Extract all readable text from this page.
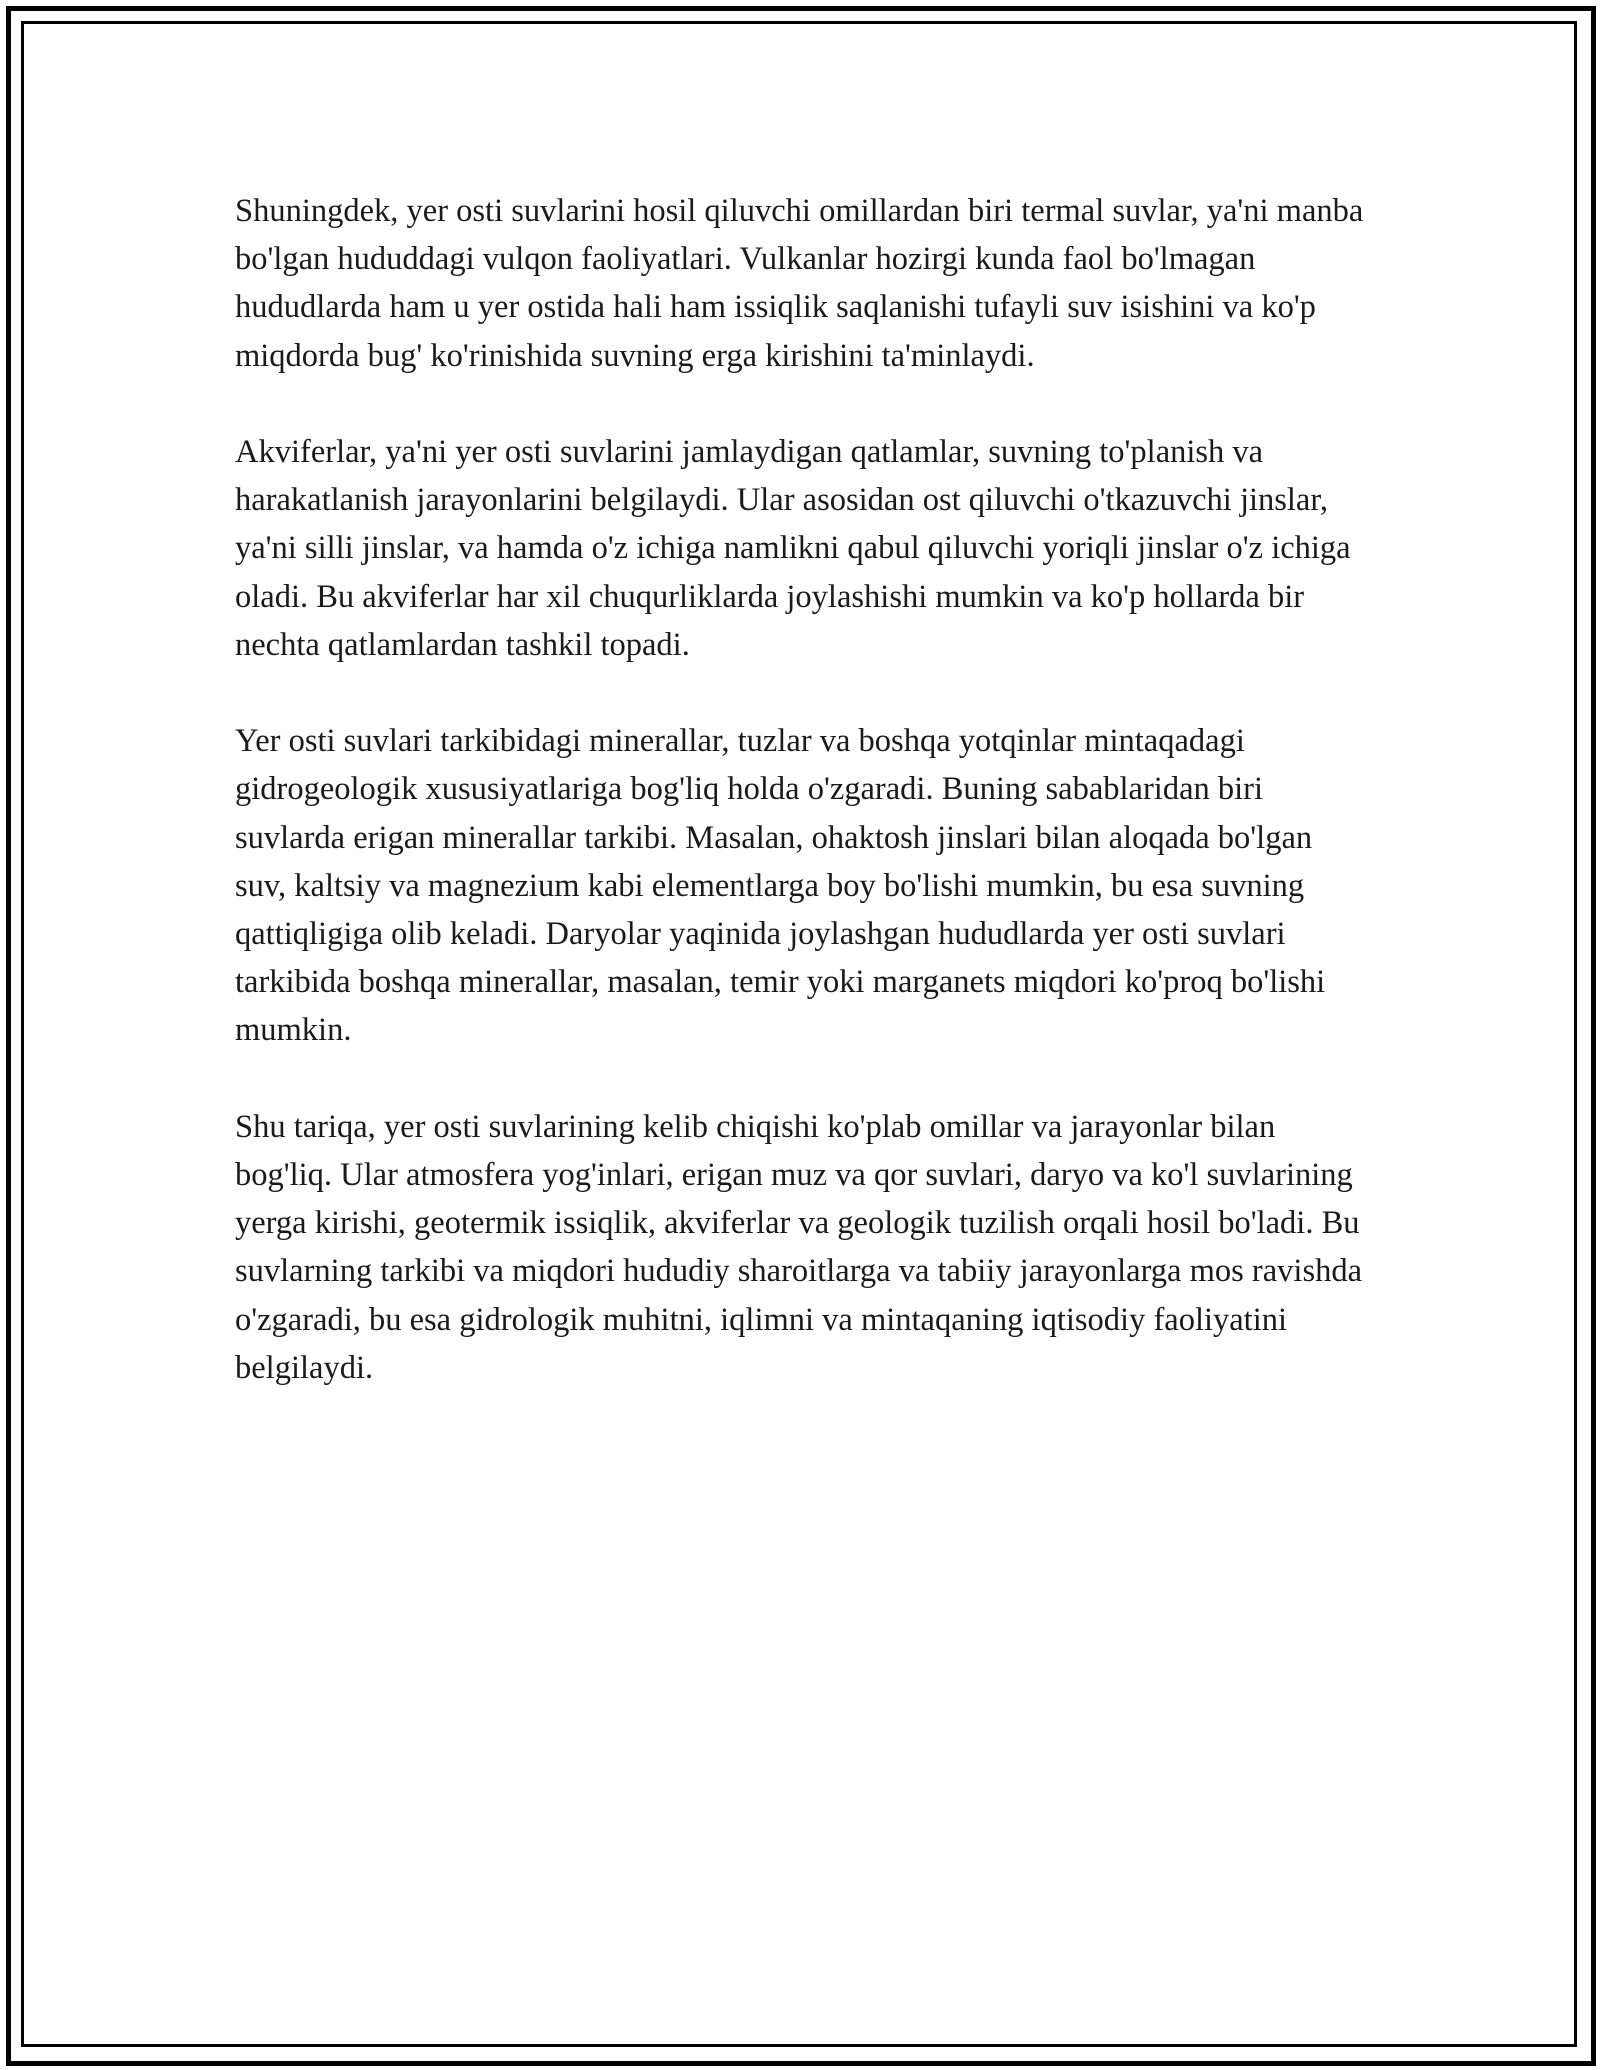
Shuningdek, yer osti suvlarini hosil qiluvchi omillardan biri termal suvlar, ya'ni manba bo'lgan hududdagi vulqon faoliyatlari. Vulkanlar hozirgi kunda faol bo'lmagan hududlarda ham u yer ostida hali ham issiqlik saqlanishi tufayli suv isishini va ko'p miqdorda bug' ko'rinishida suvning erga kirishini ta'minlaydi.

Akviferlar, ya'ni yer osti suvlarini jamlaydigan qatlamlar, suvning to'planish va harakatlanish jarayonlarini belgilaydi. Ular asosidan ost qiluvchi o'tkazuvchi jinslar, ya'ni silli jinslar, va hamda o'z ichiga namlikni qabul qiluvchi yoriqli jinslar o'z ichiga oladi. Bu akviferlar har xil chuqurliklarda joylashishi mumkin va ko'p hollarda bir nechta qatlamlardan tashkil topadi.

Yer osti suvlari tarkibidagi minerallar, tuzlar va boshqa yotqinlar mintaqadagi gidrogeologik xususiyatlariga bog'liq holda o'zgaradi. Buning sabablaridan biri suvlarda erigan minerallar tarkibi. Masalan, ohaktosh jinslari bilan aloqada bo'lgan suv, kaltsiy va magnezium kabi elementlarga boy bo'lishi mumkin, bu esa suvning qattiqligiga olib keladi. Daryolar yaqinida joylashgan hududlarda yer osti suvlari tarkibida boshqa minerallar, masalan, temir yoki marganets miqdori ko'proq bo'lishi mumkin.

Shu tariqa, yer osti suvlarining kelib chiqishi ko'plab omillar va jarayonlar bilan bog'liq. Ular atmosfera yog'inlari, erigan muz va qor suvlari, daryo va ko'l suvlarining yerga kirishi, geotermik issiqlik, akviferlar va geologik tuzilish orqali hosil bo'ladi. Bu suvlarning tarkibi va miqdori hududiy sharoitlarga va tabiiy jarayonlarga mos ravishda o'zgaradi, bu esa gidrologik muhitni, iqlimni va mintaqaning iqtisodiy faoliyatini belgilaydi.
